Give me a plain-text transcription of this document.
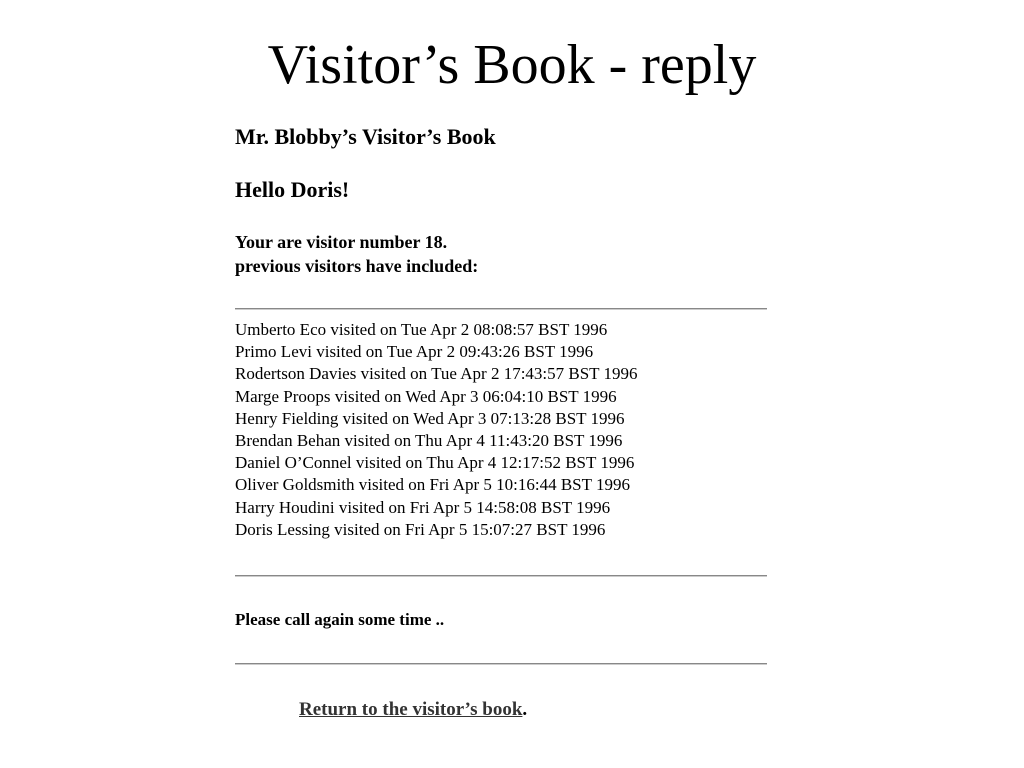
Visitor’s Book - reply
Mr. Blobby’s Visitor’s Book
Hello Doris!
Your are visitor number 18.
previous visitors have included:
Umberto Eco visited on Tue Apr 2 08:08:57 BST 1996
Primo Levi visited on Tue Apr 2 09:43:26 BST 1996
Rodertson Davies visited on Tue Apr 2 17:43:57 BST 1996
Marge Proops visited on Wed Apr 3 06:04:10 BST 1996
Henry Fielding visited on Wed Apr 3 07:13:28 BST 1996
Brendan Behan visited on Thu Apr 4 11:43:20 BST 1996
Daniel O’Connel visited on Thu Apr 4 12:17:52 BST 1996
Oliver Goldsmith visited on Fri Apr 5 10:16:44 BST 1996
Harry Houdini visited on Fri Apr 5 14:58:08 BST 1996
Doris Lessing visited on Fri Apr 5 15:07:27 BST 1996
Please call again some time ..
Return to the visitor’s book.
